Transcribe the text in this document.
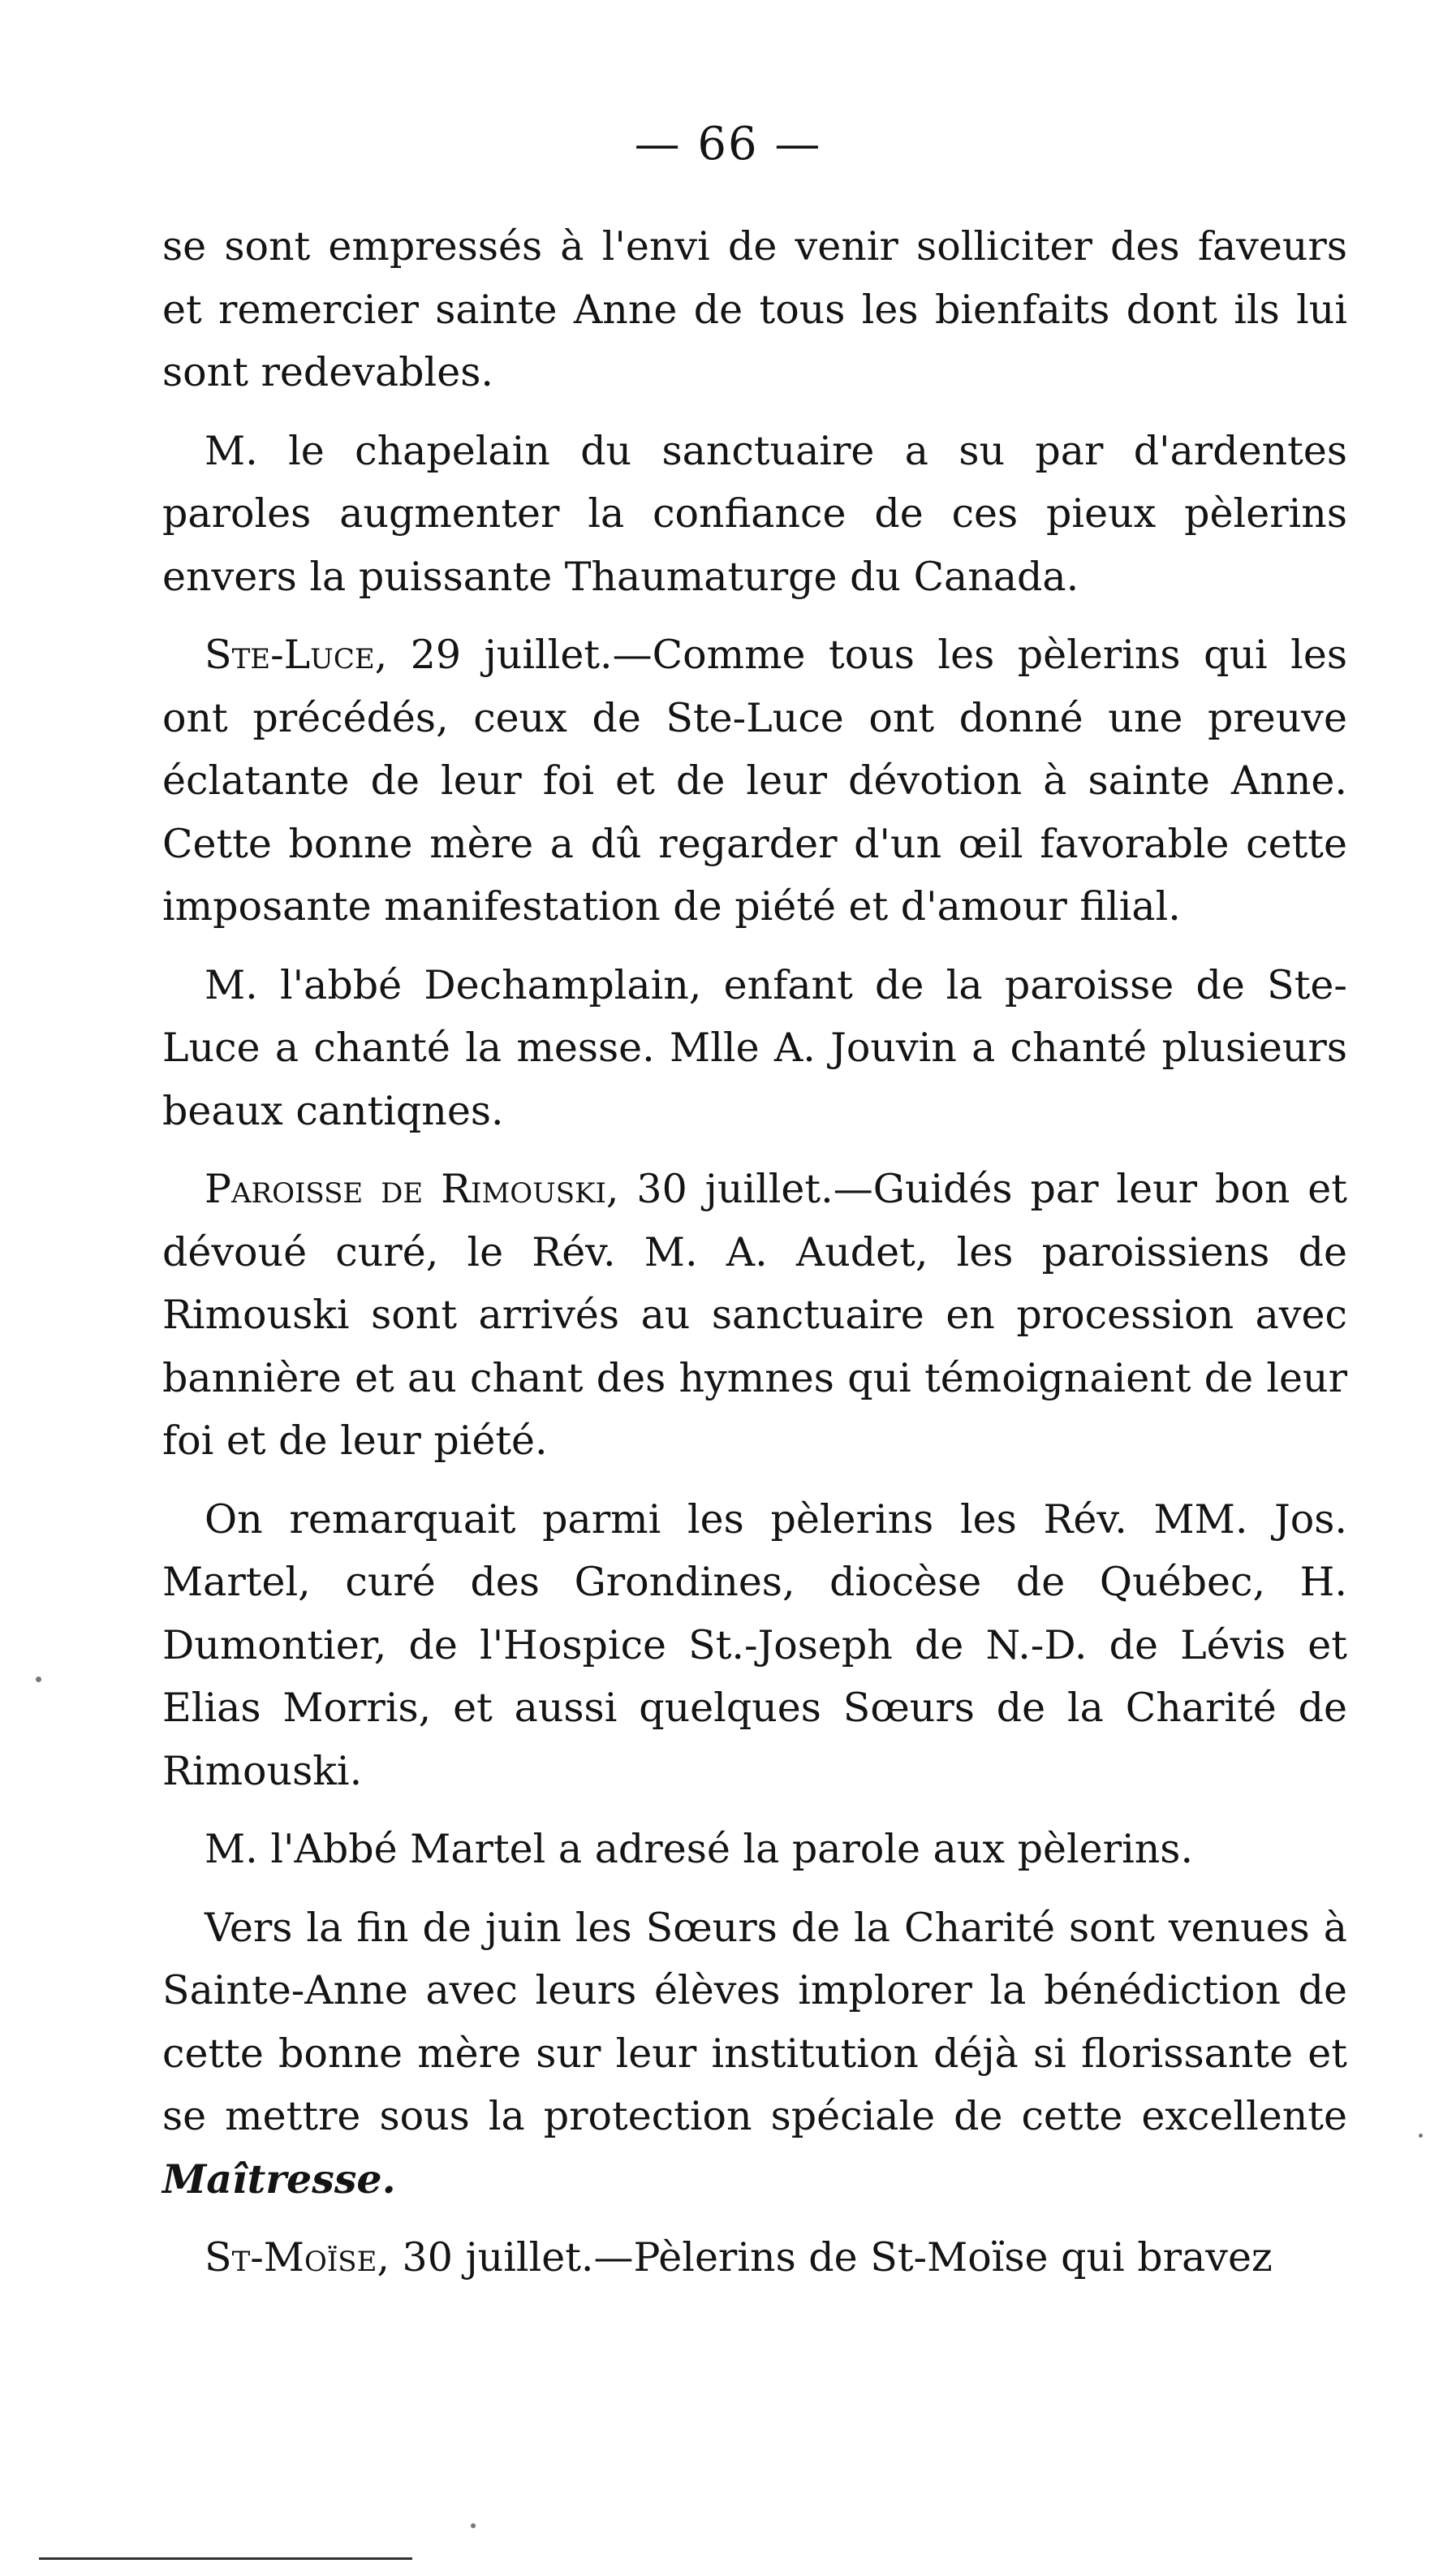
— 66 —

se sont empressés à l'envi de venir solliciter des faveurs et remercier sainte Anne de tous les bienfaits dont ils lui sont redevables.

M. le chapelain du sanctuaire a su par d'ardentes paroles augmenter la confiance de ces pieux pèlerins envers la puissante Thaumaturge du Canada.

Ste-Luce, 29 juillet.—Comme tous les pèlerins qui les ont précédés, ceux de Ste-Luce ont donné une preuve éclatante de leur foi et de leur dévotion à sainte Anne. Cette bonne mère a dû regarder d'un œil favorable cette imposante manifestation de piété et d'amour filial.

M. l'abbé Dechamplain, enfant de la paroisse de Ste-Luce a chanté la messe. Mlle A. Jouvin a chanté plusieurs beaux cantiqnes.

Paroisse de Rimouski, 30 juillet.—Guidés par leur bon et dévoué curé, le Rév. M. A. Audet, les paroissiens de Rimouski sont arrivés au sanctuaire en procession avec bannière et au chant des hymnes qui témoignaient de leur foi et de leur piété.

On remarquait parmi les pèlerins les Rév. MM. Jos. Martel, curé des Grondines, diocèse de Québec, H. Dumontier, de l'Hospice St.-Joseph de N.-D. de Lévis et Elias Morris, et aussi quelques Sœurs de la Charité de Rimouski.

M. l'Abbé Martel a adresé la parole aux pèlerins.

Vers la fin de juin les Sœurs de la Charité sont venues à Sainte-Anne avec leurs élèves implorer la bénédiction de cette bonne mère sur leur institution déjà si florissante et se mettre sous la protection spéciale de cette excellente Maîtresse.

St-Moïse, 30 juillet.—Pèlerins de St-Moïse qui bravez
